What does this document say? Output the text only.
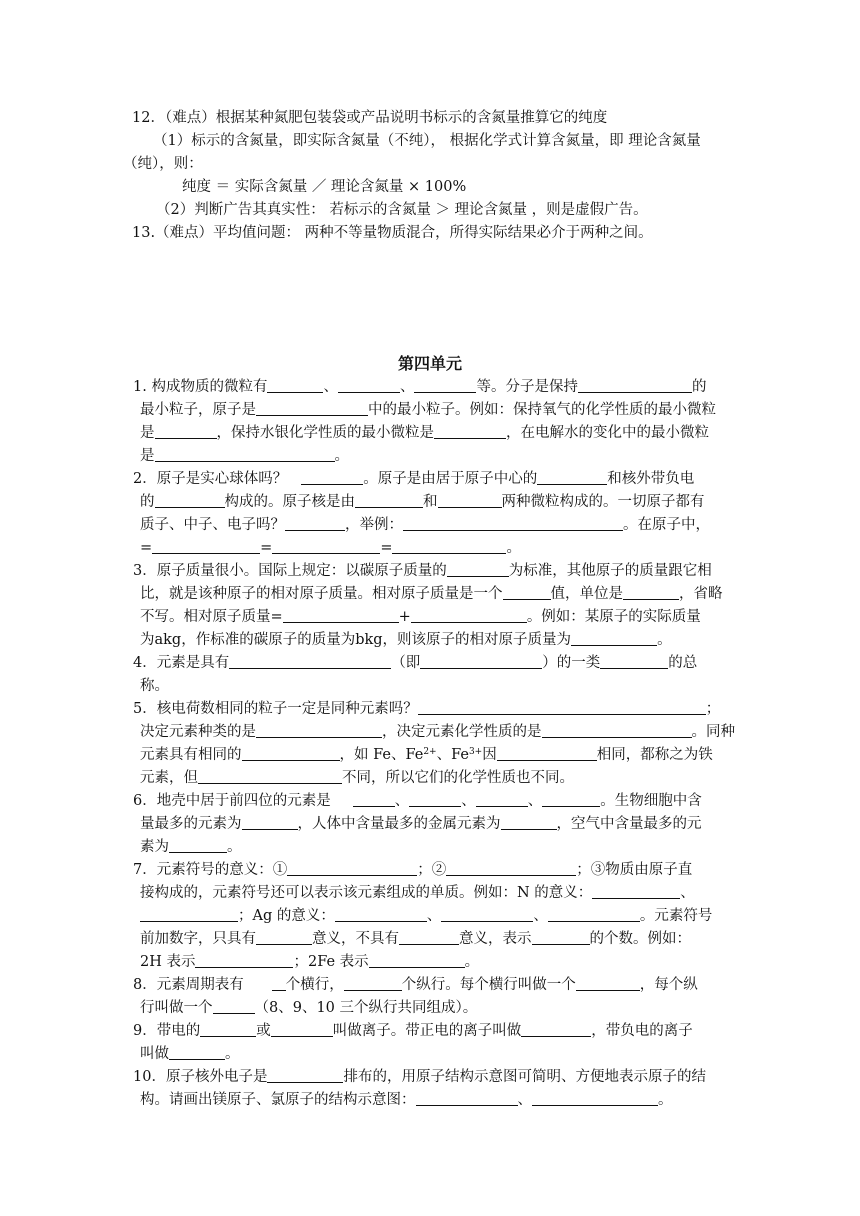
12．（难点）根据某种氮肥包装袋或产品说明书标示的含氮量推算它的纯度
（1）标示的含氮量，即实际含氮量（不纯）， 根据化学式计算含氮量，即 理论含氮量
（纯），则：
纯度 ＝ 实际含氮量 ／ 理论含氮量 × 100%
（2）判断广告其真实性： 若标示的含氮量 ＞ 理论含氮量 ，则是虚假广告。
13.（难点）平均值问题： 两种不等量物质混合，所得实际结果必介于两种之间。
第四单元
1. 构成物质的微粒有	、	、	等。分子是保持	的
最小粒子，原子是	中的最小粒子。例如：保持氧气的化学性质的最小微粒
是	，保持水银化学性质的最小微粒是	，在电解水的变化中的最小微粒
是	。
2．原子是实心球体吗？	。原子是由居于原子中心的	和核外带负电
的	构成的。原子核是由	和	两种微粒构成的。一切原子都有
质子、中子、电子吗？	，举例：	。在原子中，
=	=	=	。
3．原子质量很小。国际上规定：以碳原子质量的	为标准，其他原子的质量跟它相
比，就是该种原子的相对原子质量。相对原子质量是一个	值，单位是	，省略
不写。相对原子质量=	+	。例如：某原子的实际质量
为akg，作标准的碳原子的质量为bkg，则该原子的相对原子质量为	。
4．元素是具有	（即	）的一类	的总
称。
5．核电荷数相同的粒子一定是同种元素吗？	；
决定元素种类的是	，决定元素化学性质的是	。同种
元素具有相同的	，如 Fe、$Fe^{2+}$、$Fe^{3+}$因	相同，都称之为铁
元素，但	不同，所以它们的化学性质也不同。
6．地壳中居于前四位的元素是	、	、	、	。生物细胞中含
量最多的元素为	，人体中含量最多的金属元素为	，空气中含量最多的元
素为	。
7．元素符号的意义：①	；②	；③物质由原子直
接构成的，元素符号还可以表示该元素组成的单质。例如：N 的意义：	、
；Ag 的意义：	、	、	。元素符号
前加数字，只具有	意义，不具有	意义，表示	的个数。例如：
2H 表示	；2Fe 表示	。
8．元素周期表有	个横行，	个纵行。每个横行叫做一个	，每个纵
行叫做一个	（8、9、10 三个纵行共同组成）。
9．带电的	或	叫做离子。带正电的离子叫做	，带负电的离子
叫做	。
10．原子核外电子是	排布的，用原子结构示意图可简明、方便地表示原子的结
构。请画出镁原子、氯原子的结构示意图：	、	。
